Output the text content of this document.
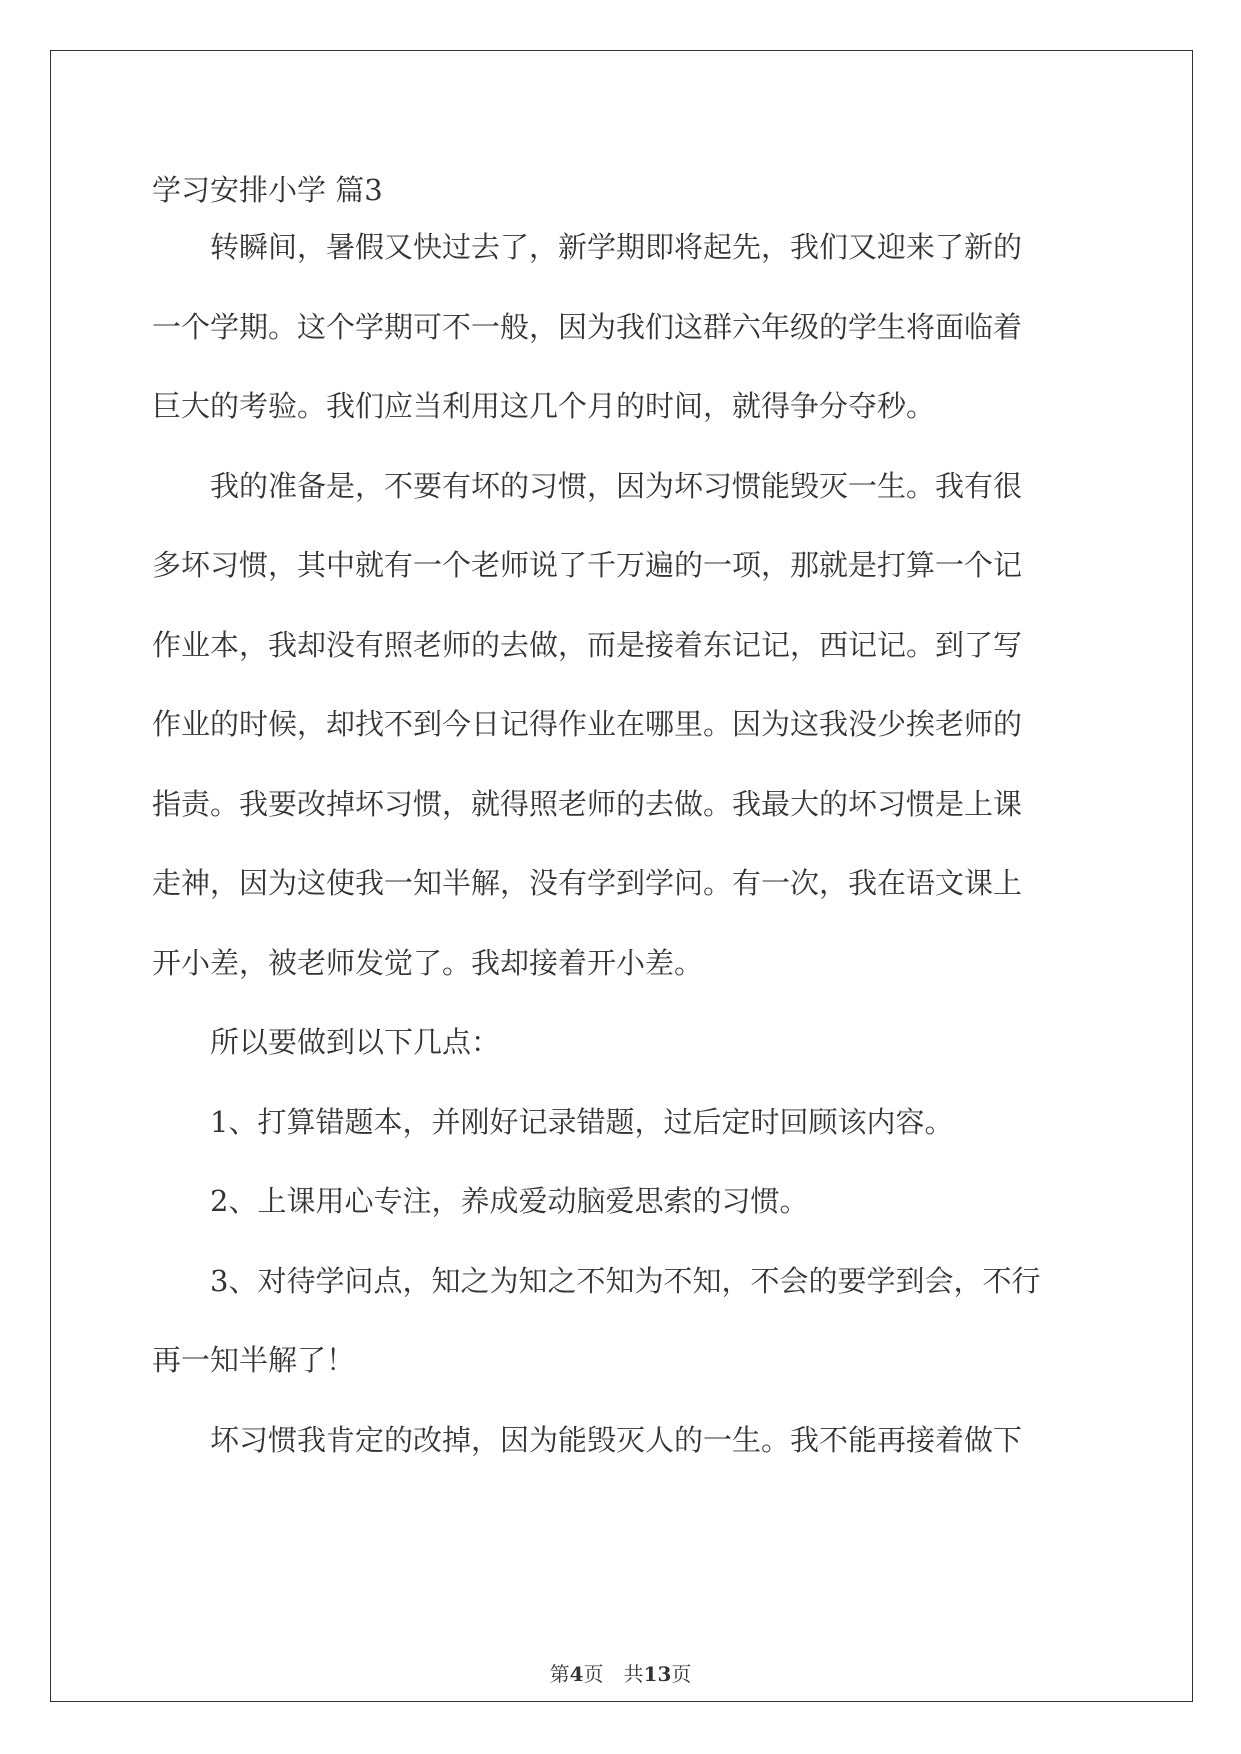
学习安排小学 篇3

　　转瞬间，暑假又快过去了，新学期即将起先，我们又迎来了新的

一个学期。这个学期可不一般，因为我们这群六年级的学生将面临着

巨大的考验。我们应当利用这几个月的时间，就得争分夺秒。

　　我的准备是，不要有坏的习惯，因为坏习惯能毁灭一生。我有很

多坏习惯，其中就有一个老师说了千万遍的一项，那就是打算一个记

作业本，我却没有照老师的去做，而是接着东记记，西记记。到了写

作业的时候，却找不到今日记得作业在哪里。因为这我没少挨老师的

指责。我要改掉坏习惯，就得照老师的去做。我最大的坏习惯是上课

走神，因为这使我一知半解，没有学到学问。有一次，我在语文课上

开小差，被老师发觉了。我却接着开小差。

　　所以要做到以下几点：

　　1、打算错题本，并刚好记录错题，过后定时回顾该内容。

　　2、上课用心专注，养成爱动脑爱思索的习惯。

　　3、对待学问点，知之为知之不知为不知，不会的要学到会，不行

再一知半解了！

　　坏习惯我肯定的改掉，因为能毁灭人的一生。我不能再接着做下

第4页　共13页
